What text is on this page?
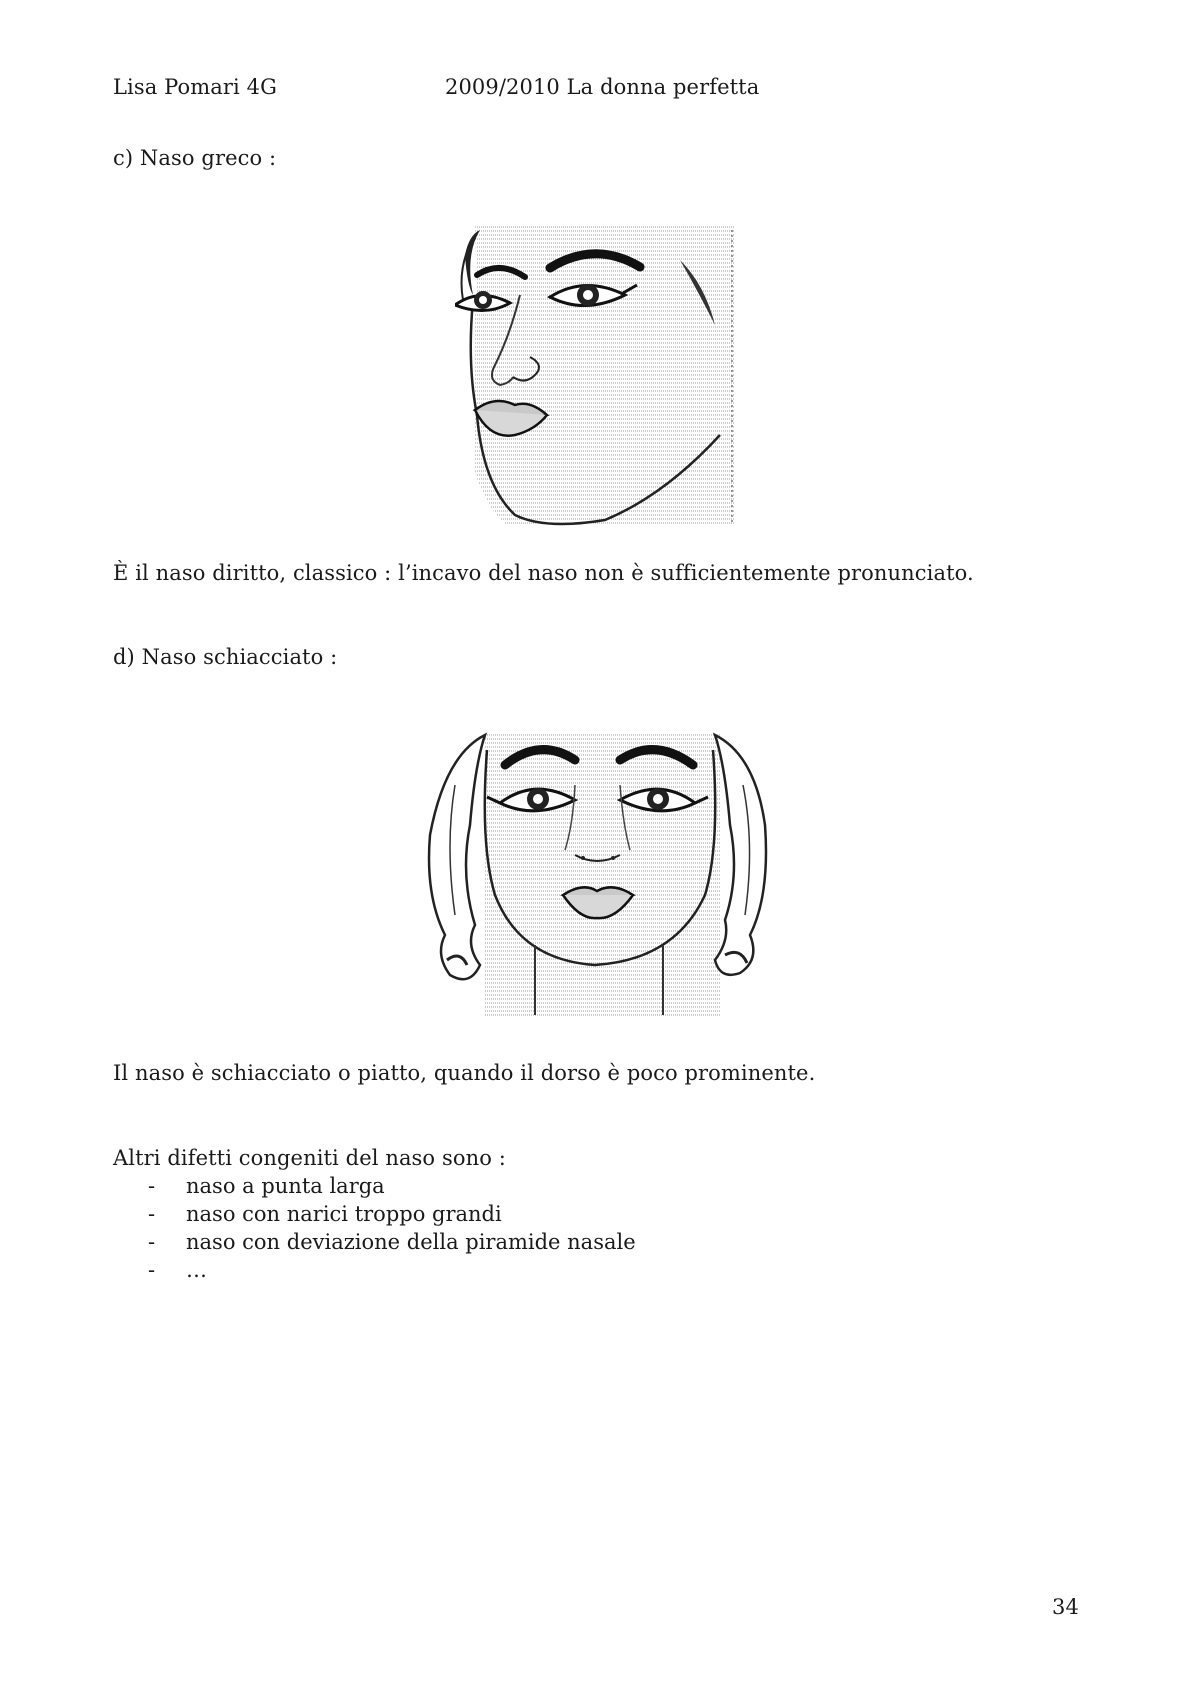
Lisa Pomari 4G	2009/2010 La donna perfetta
c) Naso greco :
È il naso diritto, classico : l’incavo del naso non è sufficientemente pronunciato.
d) Naso schiacciato :
Il naso è schiacciato o piatto, quando il dorso è poco prominente.
Altri difetti congeniti del naso sono :
- naso a punta larga
- naso con narici troppo grandi
- naso con deviazione della piramide nasale
- …
34
